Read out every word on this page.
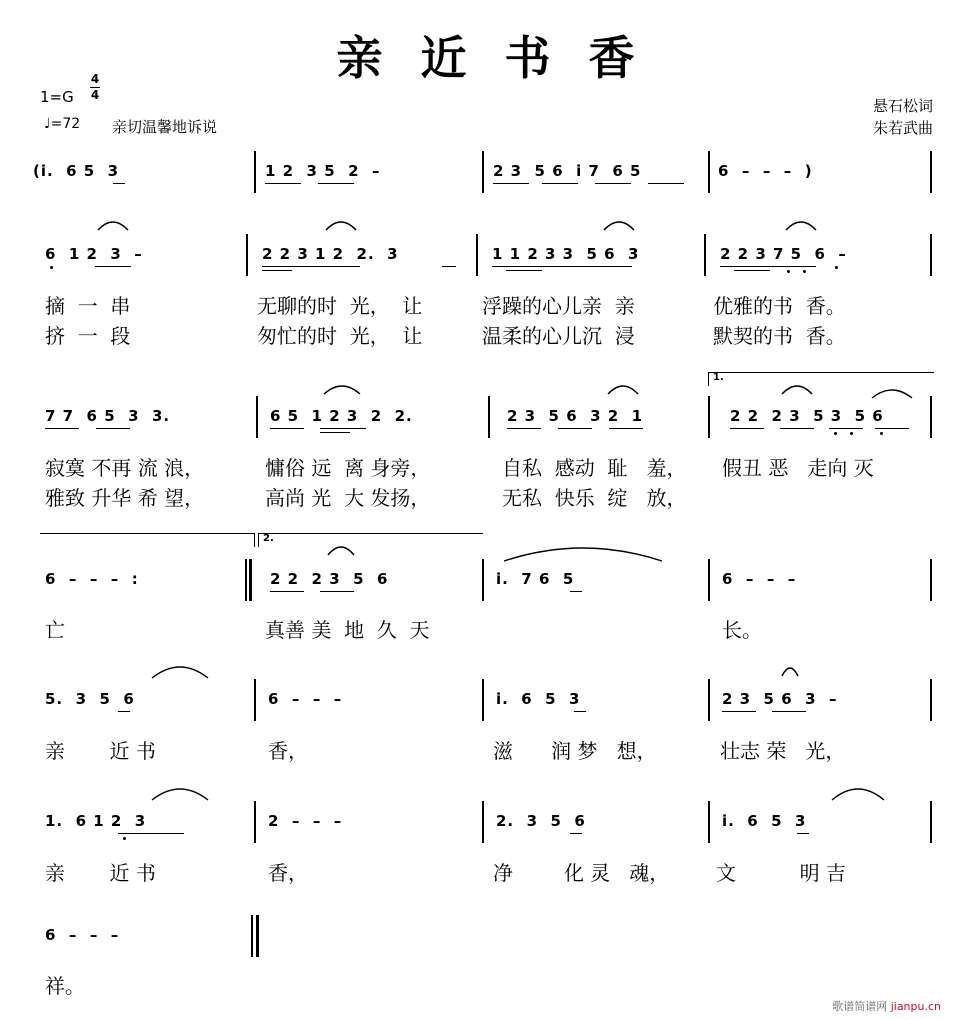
亲近书香
1=G
4
4
♩=72 亲切温馨地诉说
悬石松词
朱若武曲
(i.  6 5  3	1 2  3 5  2  –	2 3  5 6  i 7  6 5	6  –  –  –  )
6  1 2  3  –	2 2 3 1 2  2.  3	1 1 2 3 3  5 6  3	2 2 3 7 5  6  –
摘  一  串	无聊的时  光，  让	浮躁的心儿亲  亲	优雅的书  香。
挤  一  段	匆忙的时  光，  让	温柔的心儿沉  浸	默契的书  香。
1.
7 7  6 5  3  3.	6 5  1 2 3  2  2.	2 3  5 6  3 2  1	2 2  2 3  5 3  5 6
寂寞 不再 流 浪，	慵俗 远  离 身旁，	自私  感动  耻   羞， 假丑 恶   走向 灭
雅致 升华 希 望，	高尚 光  大 发扬，	无私  快乐  绽   放，
2.
6  –  –  –  :	2 2  2 3  5  6	i.  7 6  5	6  –  –  –
亡	真善 美  地  久  天	长。
5.  3  5  6	6  –  –  –	i.  6  5  3	2 3  5 6  3  –
亲       近 书	香，	滋      润 梦   想，	壮志 荣   光，
1.  6 1 2  3	2  –  –  –	2.  3  5  6	i.  6  5  3
亲       近 书	香，	净        化 灵   魂， 文          明 吉
6  –  –  –
祥。
歌谱简谱网 jianpu.cn
